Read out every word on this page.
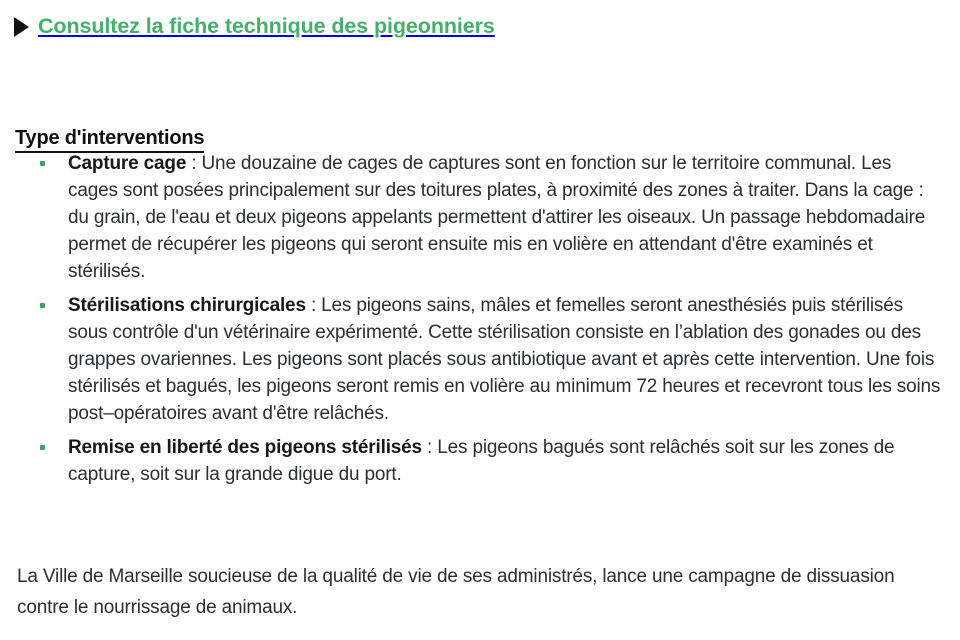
Consultez la fiche technique des pigeonniers
Type d'interventions
Capture cage : Une douzaine de cages de captures sont en fonction sur le territoire communal. Les cages sont posées principalement sur des toitures plates, à proximité des zones à traiter. Dans la cage : du grain, de l'eau et deux pigeons appelants permettent d'attirer les oiseaux. Un passage hebdomadaire permet de récupérer les pigeons qui seront ensuite mis en volière en attendant d'être examinés et stérilisés.
Stérilisations chirurgicales : Les pigeons sains, mâles et femelles seront anesthésiés puis stérilisés sous contrôle d'un vétérinaire expérimenté. Cette stérilisation consiste en l’ablation des gonades ou des grappes ovariennes. Les pigeons sont placés sous antibiotique avant et après cette intervention. Une fois stérilisés et bagués, les pigeons seront remis en volière au minimum 72 heures et recevront tous les soins post–opératoires avant d'être relâchés.
Remise en liberté des pigeons stérilisés : Les pigeons bagués sont relâchés soit sur les zones de capture, soit sur la grande digue du port.

La Ville de Marseille soucieuse de la qualité de vie de ses administrés, lance une campagne de dissuasion contre le nourrissage de animaux.
